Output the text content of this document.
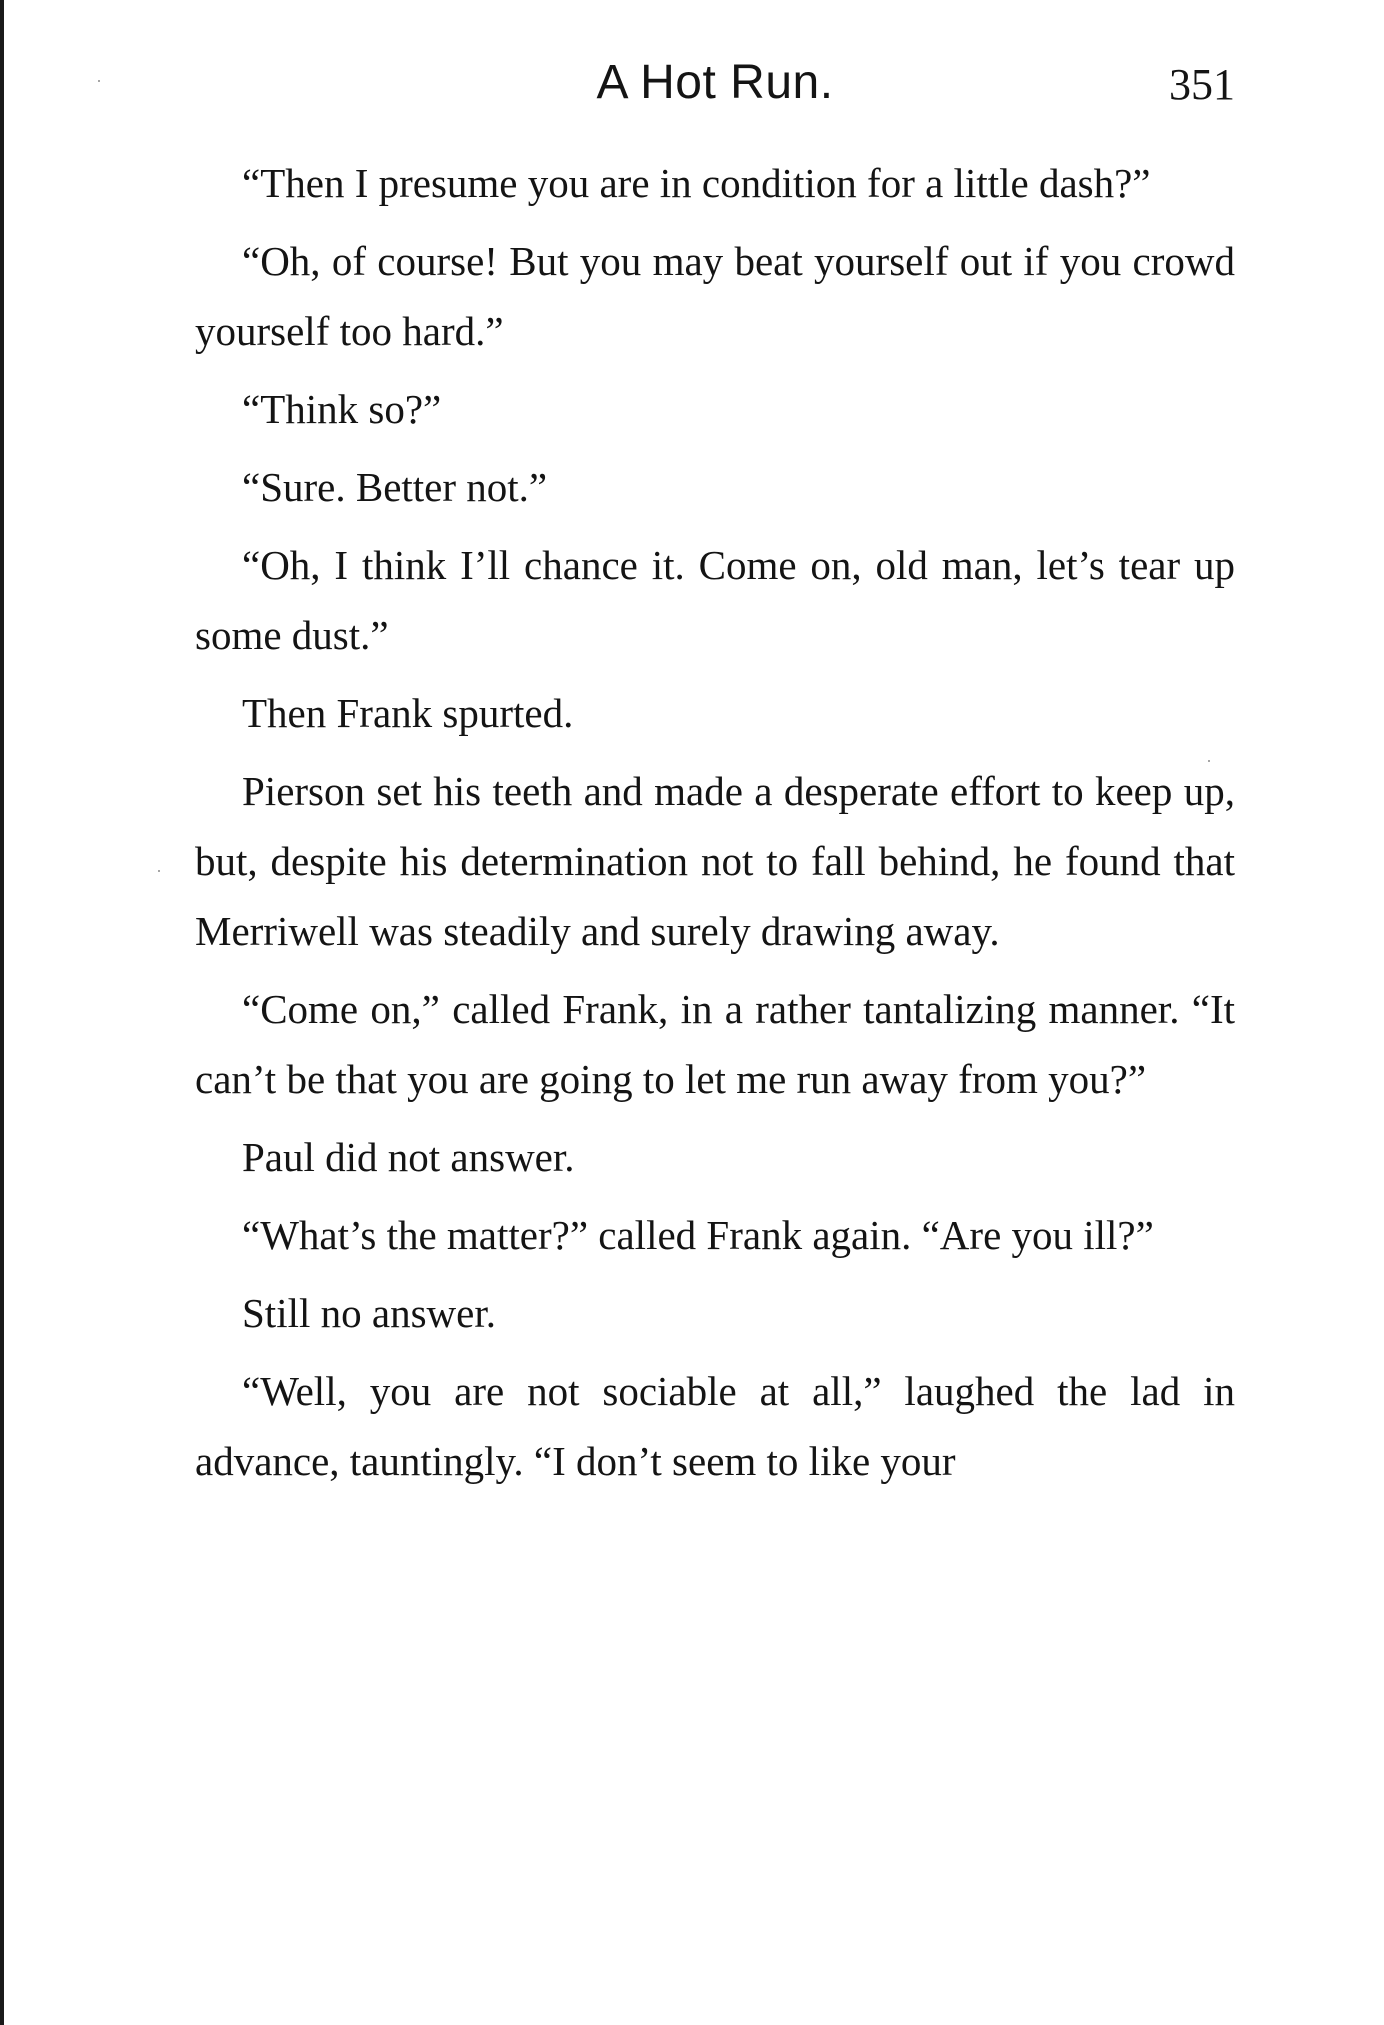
A Hot Run.	351

“Then I presume you are in condition for a little dash?”

“Oh, of course! But you may beat yourself out if you crowd yourself too hard.”

“Think so?”

“Sure. Better not.”

“Oh, I think I’ll chance it. Come on, old man, let’s tear up some dust.”

Then Frank spurted.

Pierson set his teeth and made a desperate effort to keep up, but, despite his determination not to fall behind, he found that Merriwell was steadily and surely drawing away.

“Come on,” called Frank, in a rather tantalizing manner. “It can’t be that you are going to let me run away from you?”

Paul did not answer.

“What’s the matter?” called Frank again. “Are you ill?”

Still no answer.

“Well, you are not sociable at all,” laughed the lad in advance, tauntingly. “I don’t seem to like your
